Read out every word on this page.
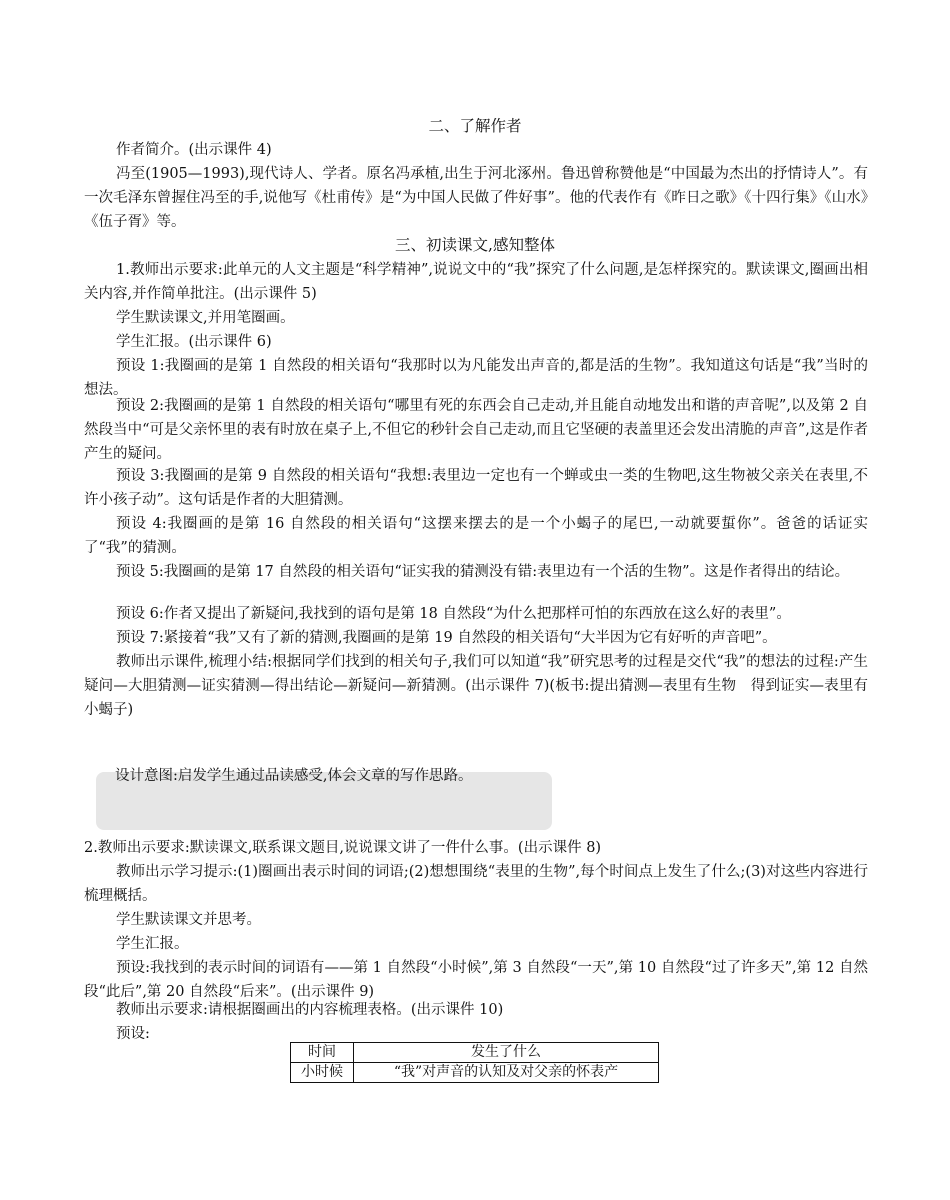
二、了解作者
作者简介。(出示课件 4)
冯至(1905—1993),现代诗人、学者。原名冯承植,出生于河北涿州。鲁迅曾称赞他是“中国最为杰出的抒情诗人”。有一次毛泽东曾握住冯至的手,说他写《杜甫传》是“为中国人民做了件好事”。他的代表作有《昨日之歌》《十四行集》《山水》《伍子胥》等。
三、初读课文,感知整体
1.教师出示要求:此单元的人文主题是“科学精神”,说说文中的“我”探究了什么问题,是怎样探究的。默读课文,圈画出相关内容,并作简单批注。(出示课件 5)
学生默读课文,并用笔圈画。
学生汇报。(出示课件 6)
预设 1:我圈画的是第 1 自然段的相关语句“我那时以为凡能发出声音的,都是活的生物”。我知道这句话是“我”当时的想法。
预设 2:我圈画的是第 1 自然段的相关语句“哪里有死的东西会自己走动,并且能自动地发出和谐的声音呢”,以及第 2 自然段当中“可是父亲怀里的表有时放在桌子上,不但它的秒针会自己走动,而且它坚硬的表盖里还会发出清脆的声音”,这是作者产生的疑问。
预设 3:我圈画的是第 9 自然段的相关语句“我想:表里边一定也有一个蝉或虫一类的生物吧,这生物被父亲关在表里,不许小孩子动”。这句话是作者的大胆猜测。
预设 4:我圈画的是第 16 自然段的相关语句“这摆来摆去的是一个小蝎子的尾巴,一动就要蜇你”。爸爸的话证实了“我”的猜测。
预设 5:我圈画的是第 17 自然段的相关语句“证实我的猜测没有错:表里边有一个活的生物”。这是作者得出的结论。
预设 6:作者又提出了新疑问,我找到的语句是第 18 自然段“为什么把那样可怕的东西放在这么好的表里”。
预设 7:紧接着“我”又有了新的猜测,我圈画的是第 19 自然段的相关语句“大半因为它有好听的声音吧”。
教师出示课件,梳理小结:根据同学们找到的相关句子,我们可以知道“我”研究思考的过程是交代“我”的想法的过程:产生疑问—大胆猜测—证实猜测—得出结论—新疑问—新猜测。(出示课件 7)(板书:提出猜测—表里有生物　得到证实—表里有小蝎子)
设计意图:启发学生通过品读感受,体会文章的写作思路。
2.教师出示要求:默读课文,联系课文题目,说说课文讲了一件什么事。(出示课件 8)
教师出示学习提示:(1)圈画出表示时间的词语;(2)想想围绕“表里的生物”,每个时间点上发生了什么;(3)对这些内容进行梳理概括。
学生默读课文并思考。
学生汇报。
预设:我找到的表示时间的词语有——第 1 自然段“小时候”,第 3 自然段“一天”,第 10 自然段“过了许多天”,第 12 自然段“此后”,第 20 自然段“后来”。(出示课件 9)
教师出示要求:请根据圈画出的内容梳理表格。(出示课件 10)
预设:
时间	发生了什么
小时候	“我”对声音的认知及对父亲的怀表产
